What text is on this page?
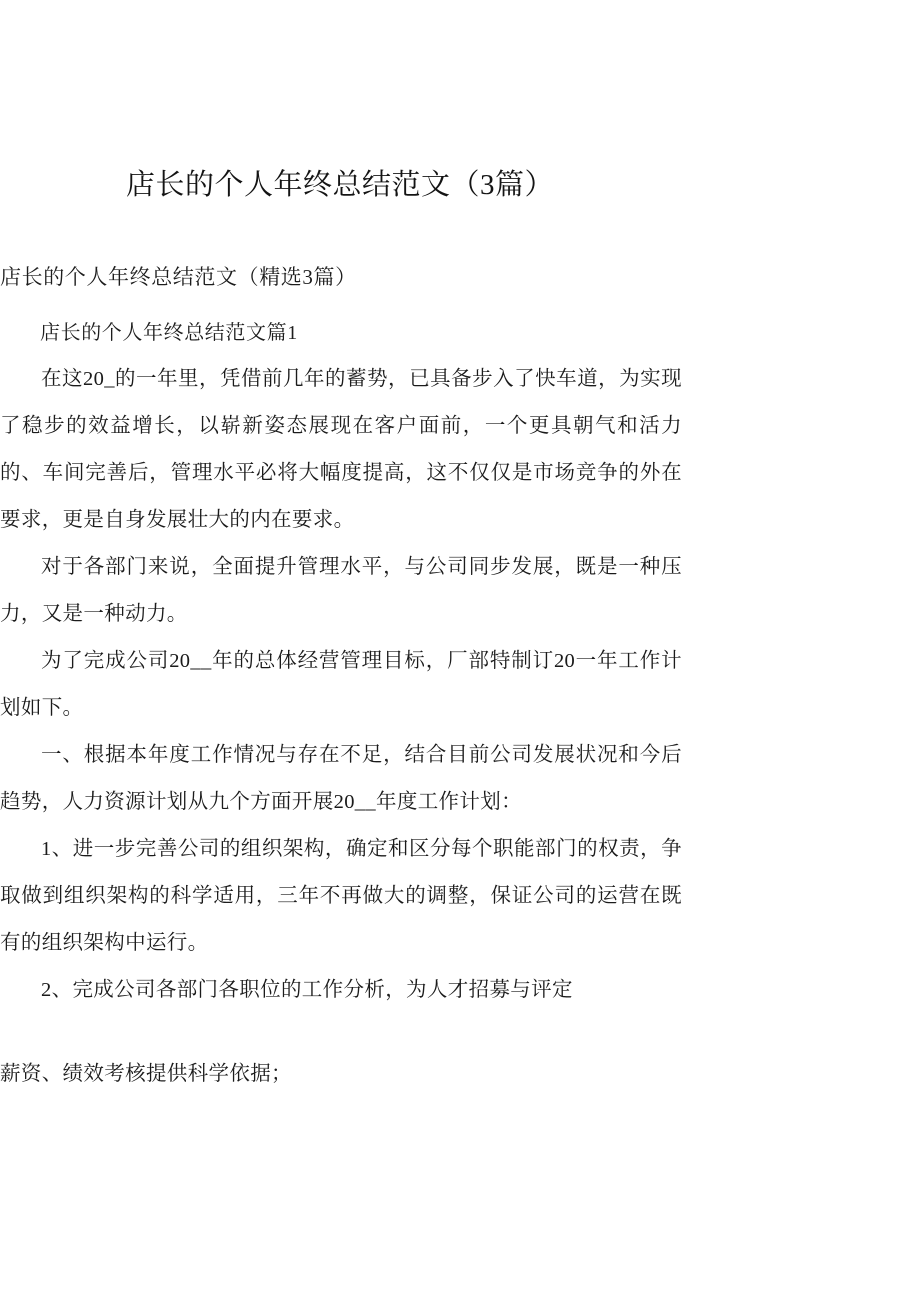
店长的个人年终总结范文（3篇）
店长的个人年终总结范文（精选3篇）
店长的个人年终总结范文篇1

在这20_的一年里，凭借前几年的蓄势，已具备步入了快车道，为实现了稳步的效益增长，以崭新姿态展现在客户面前，一个更具朝气和活力的、车间完善后，管理水平必将大幅度提高，这不仅仅是市场竞争的外在要求，更是自身发展壮大的内在要求。

对于各部门来说，全面提升管理水平，与公司同步发展，既是一种压力，又是一种动力。

为了完成公司20__年的总体经营管理目标，厂部特制订20一年工作计划如下。

一、根据本年度工作情况与存在不足，结合目前公司发展状况和今后趋势，人力资源计划从九个方面开展20__年度工作计划：

1、进一步完善公司的组织架构，确定和区分每个职能部门的权责，争取做到组织架构的科学适用，三年不再做大的调整，保证公司的运营在既有的组织架构中运行。

2、完成公司各部门各职位的工作分析，为人才招募与评定

薪资、绩效考核提供科学依据；
